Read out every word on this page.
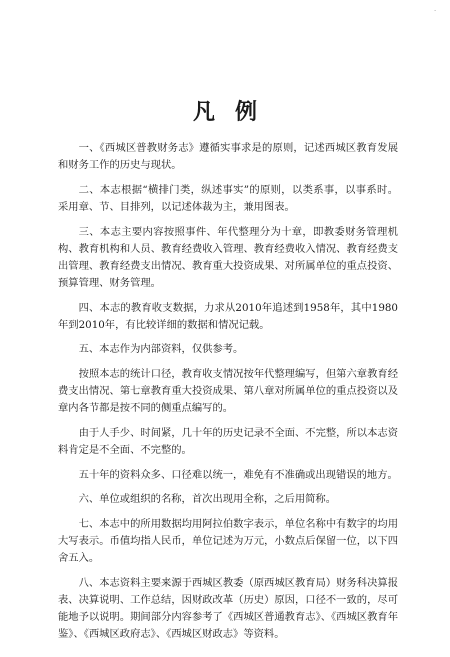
·
凡例

一、《西城区普教财务志》遵循实事求是的原则，记述西城区教育发展和财务工作的历史与现状。

二、本志根据“横排门类，纵述事实”的原则，以类系事，以事系时。采用章、节、目排列，以记述体裁为主，兼用图表。

三、本志主要内容按照事件、年代整理分为十章，即教委财务管理机构、教育机构和人员、教育经费收入管理、教育经费收入情况、教育经费支出管理、教育经费支出情况、教育重大投资成果、对所属单位的重点投资、预算管理、财务管理。

四、本志的教育收支数据，力求从2010年追述到1958年，其中1980年到2010年，有比较详细的数据和情况记载。

五、本志作为内部资料，仅供参考。

按照本志的统计口径，教育收支情况按年代整理编写，但第六章教育经费支出情况、第七章教育重大投资成果、第八章对所属单位的重点投资以及章内各节都是按不同的侧重点编写的。

由于人手少、时间紧，几十年的历史记录不全面、不完整，所以本志资料肯定是不全面、不完整的。

五十年的资料众多、口径难以统一，难免有不准确或出现错误的地方。

六、单位或组织的名称，首次出现用全称，之后用简称。

七、本志中的所用数据均用阿拉伯数字表示，单位名称中有数字的均用大写表示。币值均指人民币，单位记述为万元，小数点后保留一位，以下四舍五入。

八、本志资料主要来源于西城区教委（原西城区教育局）财务科决算报表、决算说明、工作总结，因财政改革（历史）原因，口径不一致的，尽可能地予以说明。期间部分内容参考了《西城区普通教育志》、《西城区教育年鉴》、《西城区政府志》、《西城区财政志》等资料。
